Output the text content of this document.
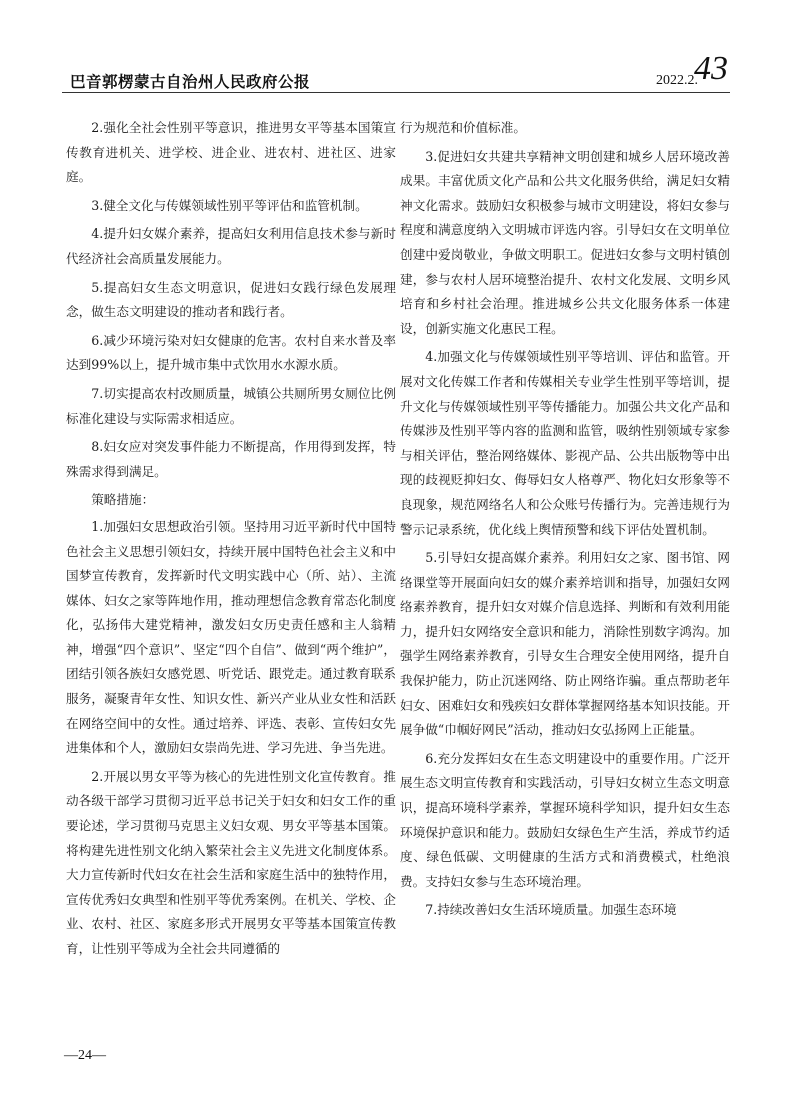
巴音郭楞蒙古自治州人民政府公报	2022.2.
43

2.强化全社会性别平等意识，推进男女平等基本国策宣传教育进机关、进学校、进企业、进农村、进社区、进家庭。

3.健全文化与传媒领域性别平等评估和监管机制。

4.提升妇女媒介素养，提高妇女利用信息技术参与新时代经济社会高质量发展能力。

5.提高妇女生态文明意识，促进妇女践行绿色发展理念，做生态文明建设的推动者和践行者。

6.减少环境污染对妇女健康的危害。农村自来水普及率达到99%以上，提升城市集中式饮用水水源水质。

7.切实提高农村改厕质量，城镇公共厕所男女厕位比例标准化建设与实际需求相适应。

8.妇女应对突发事件能力不断提高，作用得到发挥，特殊需求得到满足。

策略措施：

1.加强妇女思想政治引领。坚持用习近平新时代中国特色社会主义思想引领妇女，持续开展中国特色社会主义和中国梦宣传教育，发挥新时代文明实践中心（所、站）、主流媒体、妇女之家等阵地作用，推动理想信念教育常态化制度化，弘扬伟大建党精神，激发妇女历史责任感和主人翁精神，增强“四个意识”、坚定“四个自信”、做到“两个维护”，团结引领各族妇女感党恩、听党话、跟党走。通过教育联系服务，凝聚青年女性、知识女性、新兴产业从业女性和活跃在网络空间中的女性。通过培养、评选、表彰、宣传妇女先进集体和个人，激励妇女崇尚先进、学习先进、争当先进。

2.开展以男女平等为核心的先进性别文化宣传教育。推动各级干部学习贯彻习近平总书记关于妇女和妇女工作的重要论述，学习贯彻马克思主义妇女观、男女平等基本国策。将构建先进性别文化纳入繁荣社会主义先进文化制度体系。大力宣传新时代妇女在社会生活和家庭生活中的独特作用，宣传优秀妇女典型和性别平等优秀案例。在机关、学校、企业、农村、社区、家庭多形式开展男女平等基本国策宣传教育，让性别平等成为全社会共同遵循的

行为规范和价值标准。

3.促进妇女共建共享精神文明创建和城乡人居环境改善成果。丰富优质文化产品和公共文化服务供给，满足妇女精神文化需求。鼓励妇女积极参与城市文明建设，将妇女参与程度和满意度纳入文明城市评选内容。引导妇女在文明单位创建中爱岗敬业，争做文明职工。促进妇女参与文明村镇创建，参与农村人居环境整治提升、农村文化发展、文明乡风培育和乡村社会治理。推进城乡公共文化服务体系一体建设，创新实施文化惠民工程。

4.加强文化与传媒领域性别平等培训、评估和监管。开展对文化传媒工作者和传媒相关专业学生性别平等培训，提升文化与传媒领域性别平等传播能力。加强公共文化产品和传媒涉及性别平等内容的监测和监管，吸纳性别领域专家参与相关评估，整治网络媒体、影视产品、公共出版物等中出现的歧视贬抑妇女、侮辱妇女人格尊严、物化妇女形象等不良现象，规范网络名人和公众账号传播行为。完善违规行为警示记录系统，优化线上舆情预警和线下评估处置机制。

5.引导妇女提高媒介素养。利用妇女之家、图书馆、网络课堂等开展面向妇女的媒介素养培训和指导，加强妇女网络素养教育，提升妇女对媒介信息选择、判断和有效利用能力，提升妇女网络安全意识和能力，消除性别数字鸿沟。加强学生网络素养教育，引导女生合理安全使用网络，提升自我保护能力，防止沉迷网络、防止网络诈骗。重点帮助老年妇女、困难妇女和残疾妇女群体掌握网络基本知识技能。开展争做“巾帼好网民”活动，推动妇女弘扬网上正能量。

6.充分发挥妇女在生态文明建设中的重要作用。广泛开展生态文明宣传教育和实践活动，引导妇女树立生态文明意识，提高环境科学素养，掌握环境科学知识，提升妇女生态环境保护意识和能力。鼓励妇女绿色生产生活，养成节约适度、绿色低碳、文明健康的生活方式和消费模式，杜绝浪费。支持妇女参与生态环境治理。

7.持续改善妇女生活环境质量。加强生态环境

—24—
